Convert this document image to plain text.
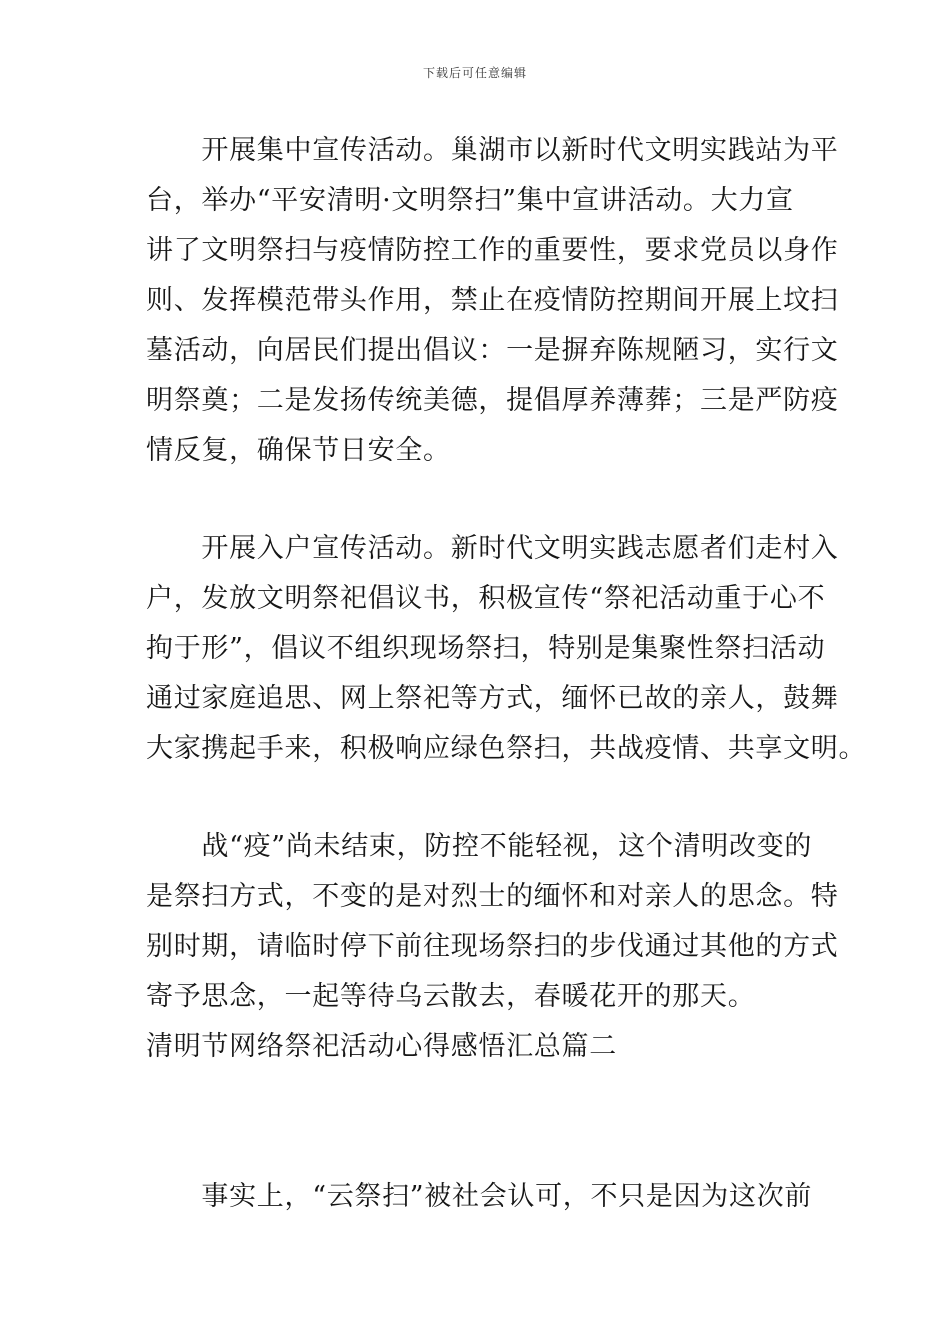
下载后可任意编辑
　　开展集中宣传活动。巢湖市以新时代文明实践站为平
台，举办“平安清明·文明祭扫”集中宣讲活动。大力宣
讲了文明祭扫与疫情防控工作的重要性，要求党员以身作
则、发挥模范带头作用，禁止在疫情防控期间开展上坟扫
墓活动，向居民们提出倡议：一是摒弃陈规陋习，实行文
明祭奠；二是发扬传统美德，提倡厚养薄葬；三是严防疫
情反复，确保节日安全。
　　开展入户宣传活动。新时代文明实践志愿者们走村入
户，发放文明祭祀倡议书，积极宣传“祭祀活动重于心不
拘于形”，倡议不组织现场祭扫，特别是集聚性祭扫活动
通过家庭追思、网上祭祀等方式，缅怀已故的亲人，鼓舞
大家携起手来，积极响应绿色祭扫，共战疫情、共享文明。
　　战“疫”尚未结束，防控不能轻视，这个清明改变的
是祭扫方式，不变的是对烈士的缅怀和对亲人的思念。特
别时期，请临时停下前往现场祭扫的步伐通过其他的方式
寄予思念，一起等待乌云散去，春暖花开的那天。
清明节网络祭祀活动心得感悟汇总篇二
　　事实上，“云祭扫”被社会认可，不只是因为这次前
